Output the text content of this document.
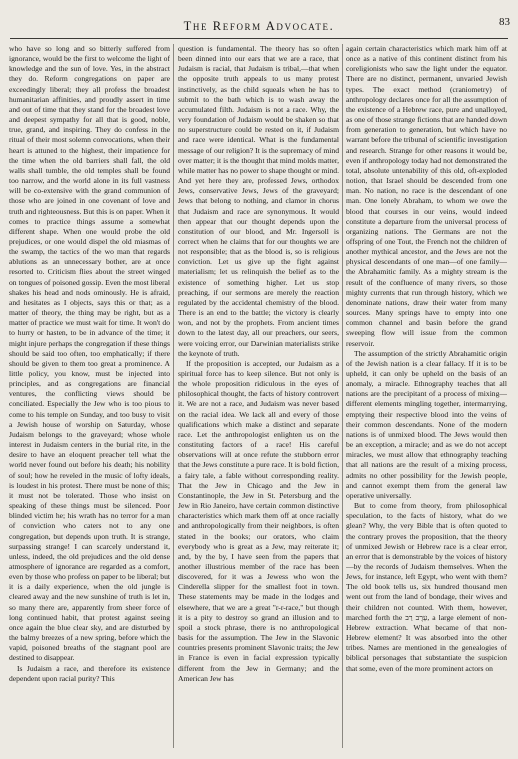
The Reform Advocate.	83

who have so long and so bitterly suffered from ignorance, would be the first to welcome the light of knowledge and the sun of love. Yes, in the abstract they do. Reform congregations on paper are exceedingly liberal; they all profess the broadest humanitarian affinities, and proudly assert in time and out of time that they stand for the broadest love and deepest sympathy for all that is good, noble, true, grand, and inspiring. They do confess in the ritual of their most solemn convocations, when their heart is attuned to the highest, their impatience for the time when the old barriers shall fall, the old walls shall tumble, the old temples shall be found too narrow, and the world alone in its full vastness will be co-extensive with the grand communion of those who are joined in one covenant of love and truth and righteousness. But this is on paper. When it comes to practice things assume a somewhat different shape. When one would probe the old prejudices, or one would dispel the old miasmas of the swamp, the tactics of the wo man that regards ablutions as an unnecessary bother, are at once resorted to. Criticism flies about the street winged on tongues of poisoned gossip. Even the most liberal shakes his head and nods ominously. He is afraid, and hesitates as I objects, says this or that; as a matter of theory, the thing may be right, but as a matter of practice we must wait for time. It won't do to hurry or hasten, to be in advance of the time; it might injure perhaps the congregation if these things should be said too often, too emphatically; if there should be given to them too great a prominence. A little policy, you know, must be injected into principles, and as congregations are financial ventures, the conflicting views should be conciliated. Especially the Jew who is too pious to come to his temple on Sunday, and too busy to visit a Jewish house of worship on Saturday, whose Judaism belongs to the graveyard; whose whole interest in Judaism centers in the burial rite, in the desire to have an eloquent preacher tell what the world never found out before his death; his nobility of soul; how he reveled in the music of lofty ideals, is loudest in his protest. There must be none of this; it must not be tolerated. Those who insist on speaking of these things must be silenced. Poor blinded victim he; his wrath has no terror for a man of conviction who caters not to any one congregation, but depends upon truth. It is strange, surpassing strange! I can scarcely understand it, unless, indeed, the old prejudices and the old dense atmosphere of ignorance are regarded as a comfort, even by those who profess on paper to be liberal; but it is a daily experience, when the old jungle is cleared away and the new sunshine of truth is let in, so many there are, apparently from sheer force of long continued habit, that protest against seeing once again the blue clear sky, and are disturbed by the balmy breezes of a new spring, before which the vapid, poisoned breaths of the stagnant pool are destined to disappear.

Is Judaism a race, and therefore its existence dependent upon racial purity? This

question is fundamental. The theory has so often been dinned into our ears that we are a race, that Judaism is racial, that Judaism is tribal,—that when the opposite truth appeals to us many protest instinctively, as the child squeals when he has to submit to the bath which is to wash away the accumulated filth. Judaism is not a race. Why, the very foundation of Judaism would be shaken so that no superstructure could be rested on it, if Judaism and race were identical. What is the fundamental message of our religion? It is the supremacy of mind over matter; it is the thought that mind molds matter, while matter has no power to shape thought or mind. And yet here they are, professed Jews, orthodox Jews, conservative Jews, Jews of the graveyard; Jews that belong to nothing, and clamor in chorus that Judaism and race are synonymous. It would then appear that our thought depends upon the constitution of our blood, and Mr. Ingersoll is correct when he claims that for our thoughts we are not responsible; that as the blood is, so is religious conviction. Let us give up the fight against materialism; let us relinquish the belief as to the existence of something higher. Let us stop preaching, if our sermons are merely the reaction regulated by the accidental chemistry of the blood. There is an end to the battle; the victory is clearly won, and not by the prophets. From ancient times down to the latest day, all our preachers, our seers, were voicing error, our Darwinian materialists strike the keynote of truth.

If the proposition is accepted, our Judaism as a spiritual force has to keep silence. But not only is the whole proposition ridiculous in the eyes of philosophical thought, the facts of history controvert it. We are not a race, and Judaism was never based on the racial idea. We lack all and every of those qualifications which make a distinct and separate race. Let the anthropologist enlighten us on the constituting factors of a race! His careful observations will at once refute the stubborn error that the Jews constitute a pure race. It is bold fiction, a fairy tale, a fable without corresponding reality. That the Jew in Chicago and the Jew in Constantinople, the Jew in St. Petersburg and the Jew in Rio Janeiro, have certain common distinctive characteristics which mark them off at once racially and anthropologically from their neighbors, is often stated in the books; our orators, who claim everybody who is great as a Jew, may reiterate it; and, by the by, I have seen from the papers that another illustrious member of the race has been discovered, for it was a Jewess who won the Cinderella slipper for the smallest foot in town. These statements may be made in the lodges and elsewhere, that we are a great "r-r-race," but though it is a pity to destroy so grand an illusion and to spoil a stock phrase, there is no anthropological basis for the assumption. The Jew in the Slavonic countries presents prominent Slavonic traits; the Jew in France is even in facial expression typically different from the Jew in Germany; and the American Jew has

again certain characteristics which mark him off at once as a native of this continent distinct from his coreligionists who saw the light under the equator. There are no distinct, permanent, unvaried Jewish types. The exact method (craniometry) of anthropology declares once for all the assumption of the existence of a Hebrew race, pure and unalloyed, as one of those strange fictions that are handed down from generation to generation, but which have no warrant before the tribunal of scientific investigation and research. Strange for other reasons it would be, even if anthropology today had not demonstrated the total, absolute untenability of this old, oft-exploded notion, that Israel should be descended from one man. No nation, no race is the descendant of one man. One lonely Abraham, to whom we owe the blood that courses in our veins, would indeed constitute a departure from the universal process of organizing nations. The Germans are not the offspring of one Tout, the French not the children of another mythical ancestor, and the Jews are not the physical descendants of one man—of one family—the Abrahamitic family. As a mighty stream is the result of the confluence of many rivers, so those mighty currents that run through history, which we denominate nations, draw their water from many sources. Many springs have to empty into one common channel and basin before the grand sweeping flow will issue from the common reservoir.

The assumption of the strictly Abrahamitic origin of the Jewish nation is a clear fallacy. If it is to be upheld, it can only be upheld on the basis of an anomaly, a miracle. Ethnography teaches that all nations are the precipitant of a process of mixing—different elements mingling together, intermarrying, emptying their respective blood into the veins of their common descendants. None of the modern nations is of unmixed blood. The Jews would then be an exception, a miracle; and as we do not accept miracles, we must allow that ethnography teaching that all nations are the result of a mixing process, admits no other possibility for the Jewish people, and cannot exempt them from the general law operative universally.

But to come from theory, from philosophical speculation, to the facts of history, what do we glean? Why, the very Bible that is often quoted to the contrary proves the proposition, that the theory of unmixed Jewish or Hebrew race is a clear error, an error that is demonstrable by the voices of history—by the records of Judaism themselves. When the Jews, for instance, left Egypt, who went with them? The old book tells us, six hundred thousand men went out from the land of bondage, their wives and their children not counted. With them, however, marched forth the עֵרֶב רַב, a large element of non-Hebrew extraction. What became of that non-Hebrew element? It was absorbed into the other tribes. Names are mentioned in the genealogies of biblical personages that substantiate the suspicion that some, even of the more prominent actors on
